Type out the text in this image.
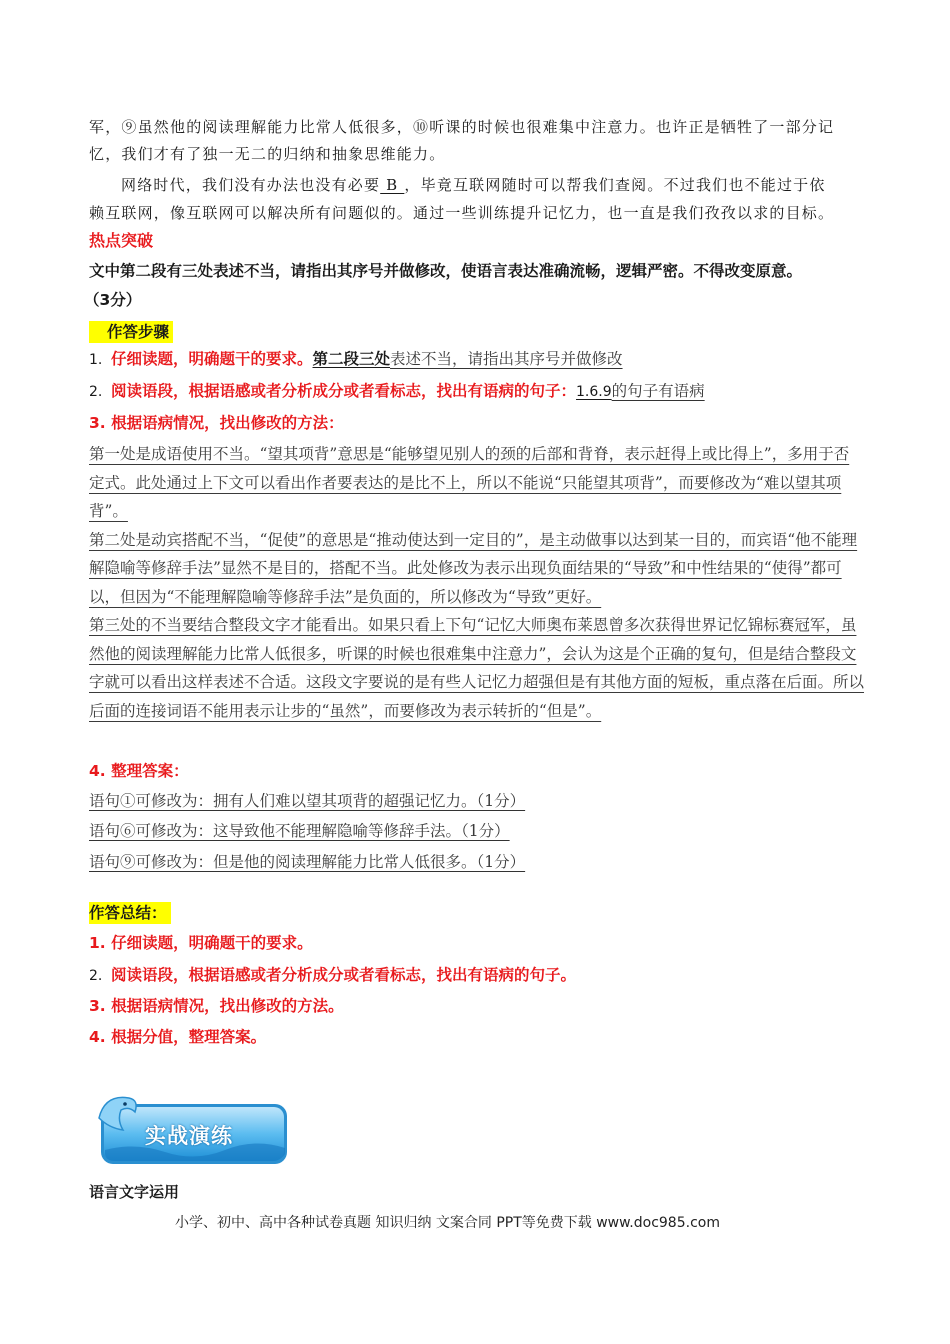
军，⑨虽然他的阅读理解能力比常人低很多，⑩听课的时候也很难集中注意力。也许正是牺牲了一部分记
忆，我们才有了独一无二的归纳和抽象思维能力。
网络时代，我们没有办法也没有必要 B ，毕竟互联网随时可以帮我们查阅。不过我们也不能过于依
赖互联网，像互联网可以解决所有问题似的。通过一些训练提升记忆力，也一直是我们孜孜以求的目标。
热点突破
文中第二段有三处表述不当，请指出其序号并做修改，使语言表达准确流畅，逻辑严密。不得改变原意。
（3分）
作答步骤
1. 仔细读题，明确题干的要求。第二段三处表述不当，请指出其序号并做修改
2. 阅读语段，根据语感或者分析成分或者看标志，找出有语病的句子：1.6.9的句子有语病
3. 根据语病情况，找出修改的方法：

第一处是成语使用不当。“望其项背”意思是“能够望见别人的颈的后部和背脊，表示赶得上或比得上”，多用于否定式。此处通过上下文可以看出作者要表达的是比不上，所以不能说“只能望其项背”，而要修改为“难以望其项背”。

第二处是动宾搭配不当，“促使”的意思是“推动使达到一定目的”，是主动做事以达到某一目的，而宾语“他不能理解隐喻等修辞手法”显然不是目的，搭配不当。此处修改为表示出现负面结果的“导致”和中性结果的“使得”都可以，但因为“不能理解隐喻等修辞手法”是负面的，所以修改为“导致”更好。

第三处的不当要结合整段文字才能看出。如果只看上下句“记忆大师奥布莱恩曾多次获得世界记忆锦标赛冠军，虽然他的阅读理解能力比常人低很多，听课的时候也很难集中注意力”，会认为这是个正确的复句，但是结合整段文字就可以看出这样表述不合适。这段文字要说的是有些人记忆力超强但是有其他方面的短板，重点落在后面。所以后面的连接词语不能用表示让步的“虽然”，而要修改为表示转折的“但是”。

4. 整理答案：
语句①可修改为：拥有人们难以望其项背的超强记忆力。（1分）
语句⑥可修改为：这导致他不能理解隐喻等修辞手法。（1分）
语句⑨可修改为：但是他的阅读理解能力比常人低很多。（1分）
作答总结：
1. 仔细读题，明确题干的要求。
2. 阅读语段，根据语感或者分析成分或者看标志，找出有语病的句子。
3. 根据语病情况，找出修改的方法。
4. 根据分值，整理答案。
实战演练
语言文字运用
小学、初中、高中各种试卷真题 知识归纳 文案合同 PPT等免费下载 www.doc985.com
